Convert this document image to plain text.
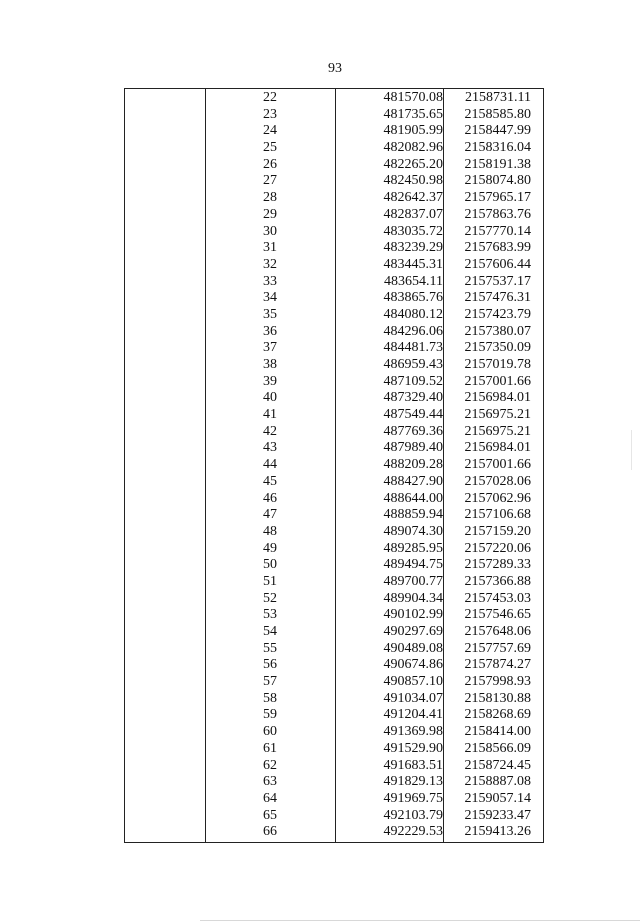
93
22	481570.08	2158731.11
23	481735.65	2158585.80
24	481905.99	2158447.99
25	482082.96	2158316.04
26	482265.20	2158191.38
27	482450.98	2158074.80
28	482642.37	2157965.17
29	482837.07	2157863.76
30	483035.72	2157770.14
31	483239.29	2157683.99
32	483445.31	2157606.44
33	483654.11	2157537.17
34	483865.76	2157476.31
35	484080.12	2157423.79
36	484296.06	2157380.07
37	484481.73	2157350.09
38	486959.43	2157019.78
39	487109.52	2157001.66
40	487329.40	2156984.01
41	487549.44	2156975.21
42	487769.36	2156975.21
43	487989.40	2156984.01
44	488209.28	2157001.66
45	488427.90	2157028.06
46	488644.00	2157062.96
47	488859.94	2157106.68
48	489074.30	2157159.20
49	489285.95	2157220.06
50	489494.75	2157289.33
51	489700.77	2157366.88
52	489904.34	2157453.03
53	490102.99	2157546.65
54	490297.69	2157648.06
55	490489.08	2157757.69
56	490674.86	2157874.27
57	490857.10	2157998.93
58	491034.07	2158130.88
59	491204.41	2158268.69
60	491369.98	2158414.00
61	491529.90	2158566.09
62	491683.51	2158724.45
63	491829.13	2158887.08
64	491969.75	2159057.14
65	492103.79	2159233.47
66	492229.53	2159413.26
